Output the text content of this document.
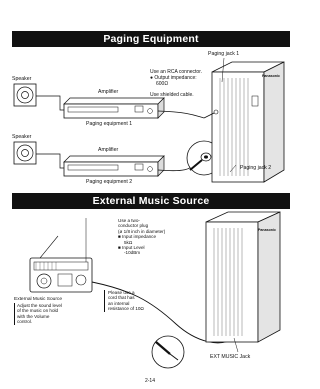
Paging Equipment
External Music Source
Speaker
Amplifier
Paging equipment 1
Speaker
Amplifier
Paging equipment 2
Paging jack 1
Paging jack 2
Use an RCA connector.
● Output impedance:
600Ω
Use shielded cable.
Use a two-
conductor plug
(ø 1/8 inch in diameter)
■ Input impedance
5kΩ
■ Input Level
-10dBm
Please use a
cord that has
an internal
resistance of 10Ω
External Music Source
Adjust the sound level
of the music on hold
with the Volume
control.
EXT MUSIC Jack
Panasonic
Panasonic
2-14
